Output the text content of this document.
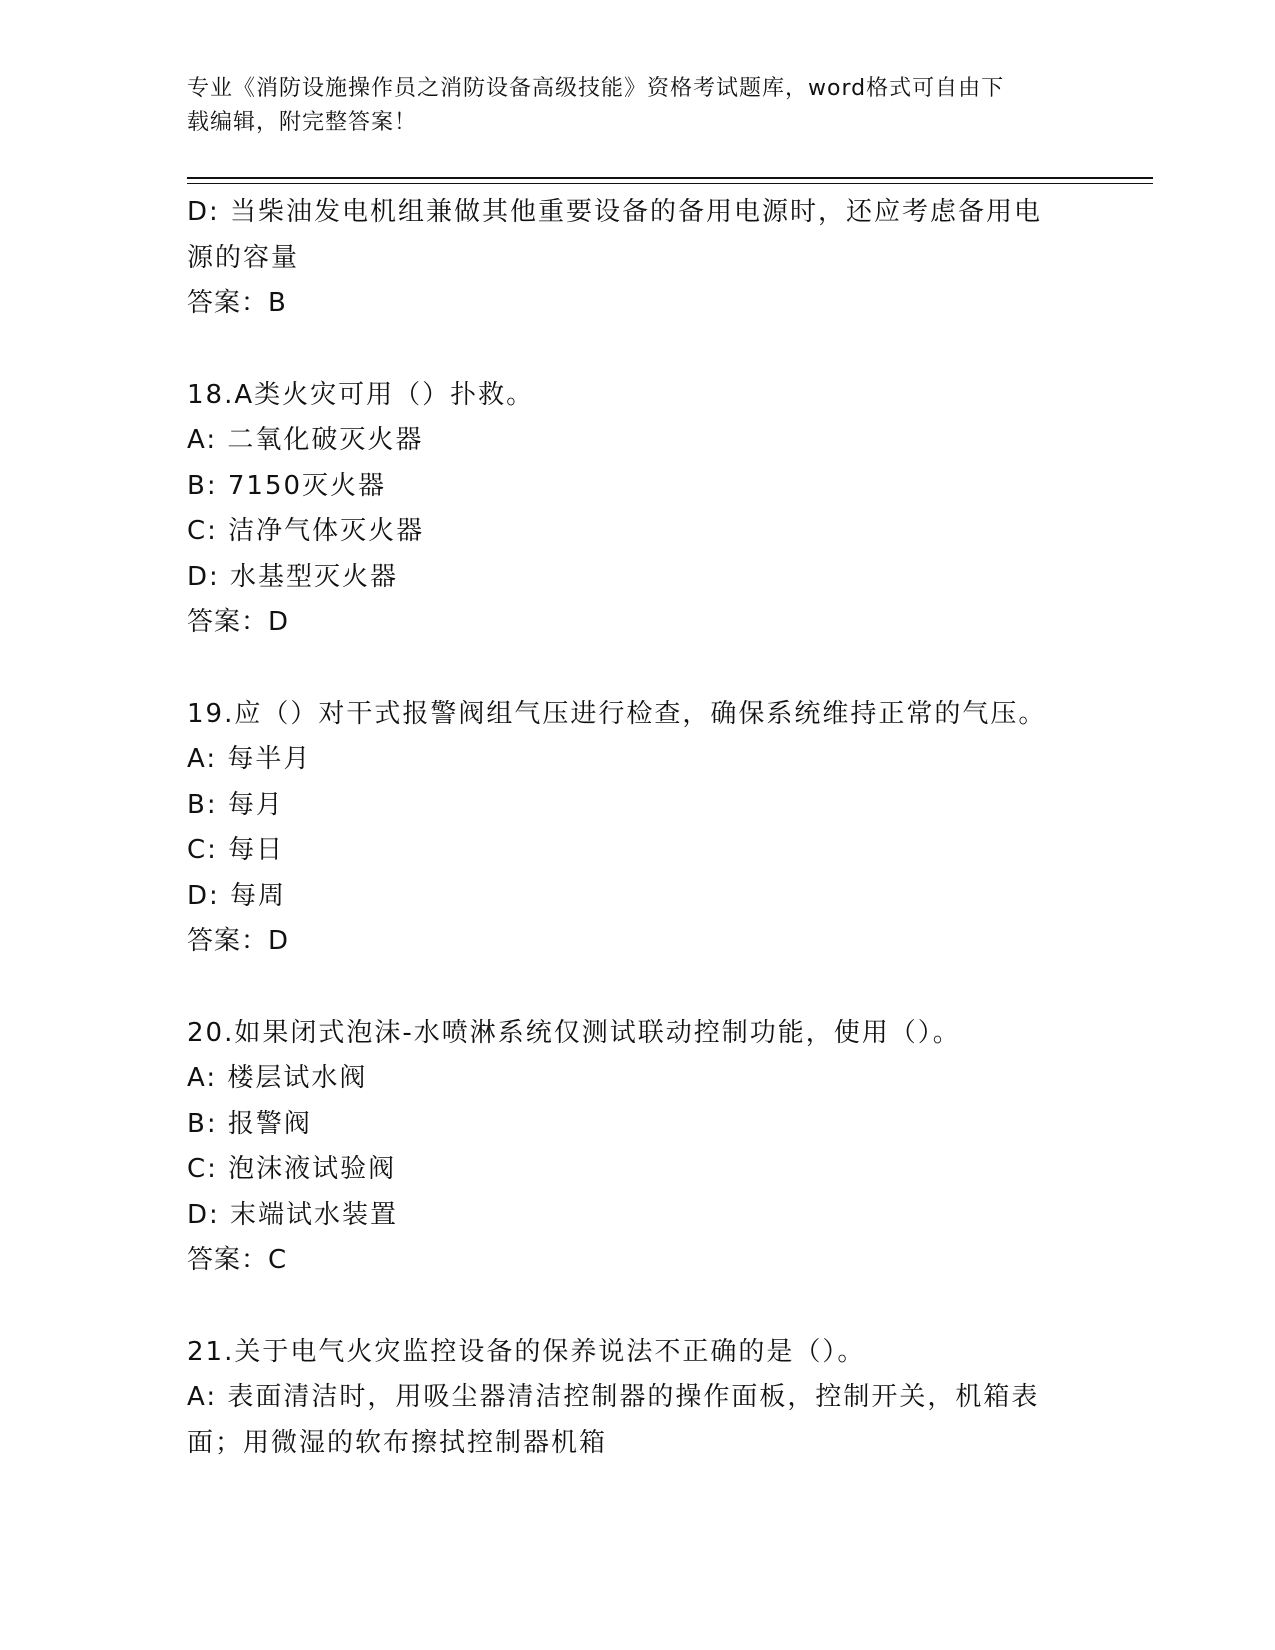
专业《消防设施操作员之消防设备高级技能》资格考试题库，word格式可自由下
载编辑，附完整答案！

D: 当柴油发电机组兼做其他重要设备的备用电源时，还应考虑备用电

源的容量

答案：B

18.A类火灾可用（）扑救。

A: 二氧化破灭火器

B: 7150灭火器

C: 洁净气体灭火器

D: 水基型灭火器

答案：D

19.应（）对干式报警阀组气压进行检查，确保系统维持正常的气压。

A: 每半月

B: 每月

C: 每日

D: 每周

答案：D

20.如果闭式泡沫-水喷淋系统仅测试联动控制功能，使用（）。

A: 楼层试水阀

B: 报警阀

C: 泡沫液试验阀

D: 末端试水装置

答案：C

21.关于电气火灾监控设备的保养说法不正确的是（）。

A: 表面清洁时，用吸尘器清洁控制器的操作面板，控制开关，机箱表

面；用微湿的软布擦拭控制器机箱
